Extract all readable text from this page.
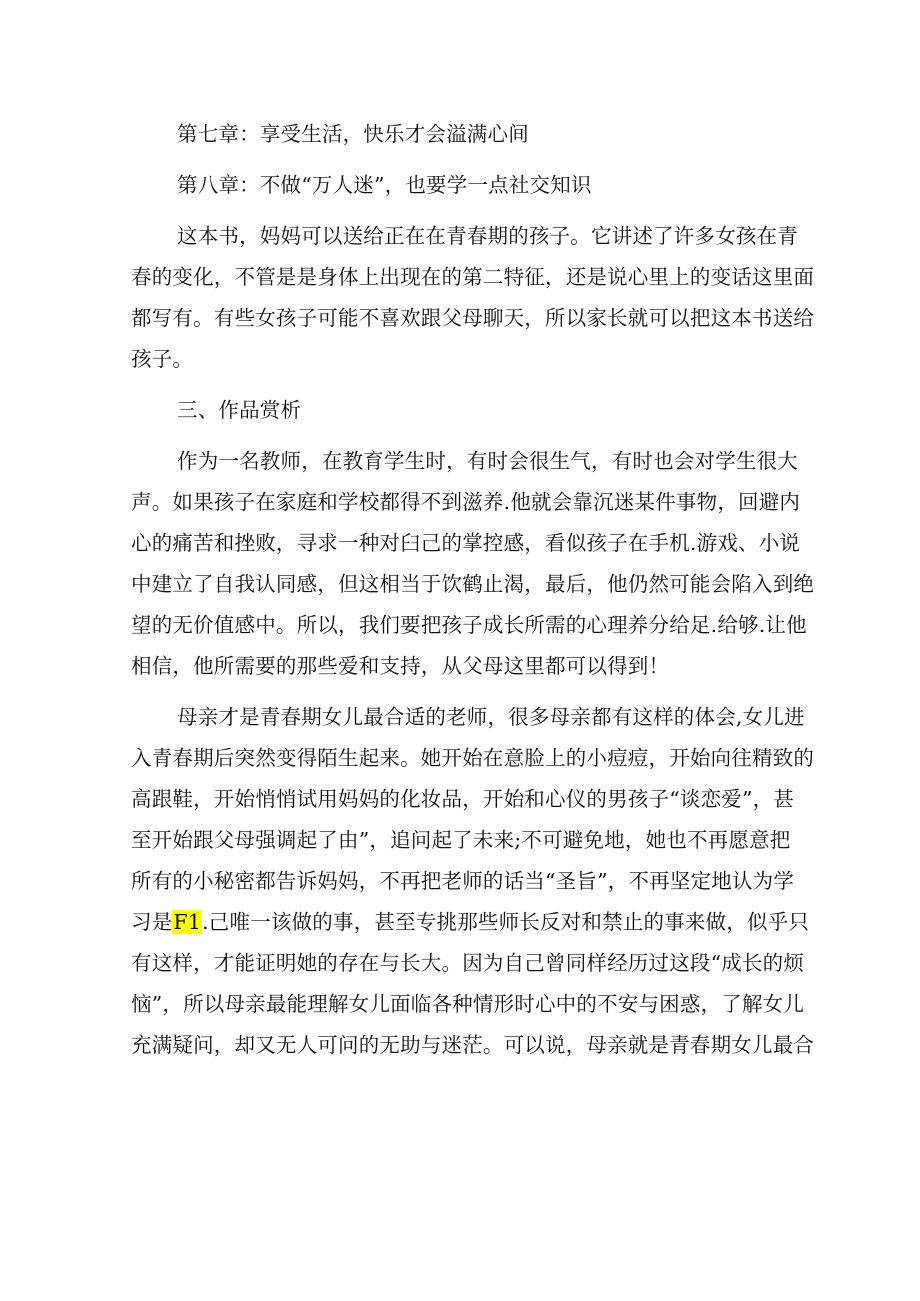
第七章：享受生活，快乐才会溢满心间
第八章：不做“万人迷”，也要学一点社交知识
这本书，妈妈可以送给正在在青春期的孩子。它讲述了许多女孩在青
春的变化，不管是是身体上出现在的第二特征，还是说心里上的变话这里面
都写有。有些女孩子可能不喜欢跟父母聊天，所以家长就可以把这本书送给
孩子。
三、作品赏析
作为一名教师，在教育学生时，有时会很生气，有时也会对学生很大
声。如果孩子在家庭和学校都得不到滋养.他就会靠沉迷某件事物，回避内
心的痛苦和挫败，寻求一种对臼己的掌控感，看似孩子在手机.游戏、小说
中建立了自我认同感，但这相当于饮鹤止渴，最后，他仍然可能会陷入到绝
望的无价值感中。所以，我们要把孩子成长所需的心理养分给足.给够.让他
相信，他所需要的那些爱和支持，从父母这里都可以得到！
母亲才是青春期女儿最合适的老师，很多母亲都有这样的体会,女儿进
入青春期后突然变得陌生起来。她开始在意脸上的小痘痘，开始向往精致的
高跟鞋，开始悄悄试用妈妈的化妆品，开始和心仪的男孩子“谈恋爱”，甚
至开始跟父母强调起了由”，追问起了未来;不可避免地，她也不再愿意把
所有的小秘密都告诉妈妈，不再把老师的话当“圣旨”，不再坚定地认为学
习是F1.己唯一该做的事，甚至专挑那些师长反对和禁止的事来做，似乎只
有这样，才能证明她的存在与长大。因为自己曾同样经历过这段“成长的烦
恼”，所以母亲最能理解女儿面临各种情形时心中的不安与困惑，了解女儿
充满疑问，却又无人可问的无助与迷茫。可以说，母亲就是青春期女儿最合
